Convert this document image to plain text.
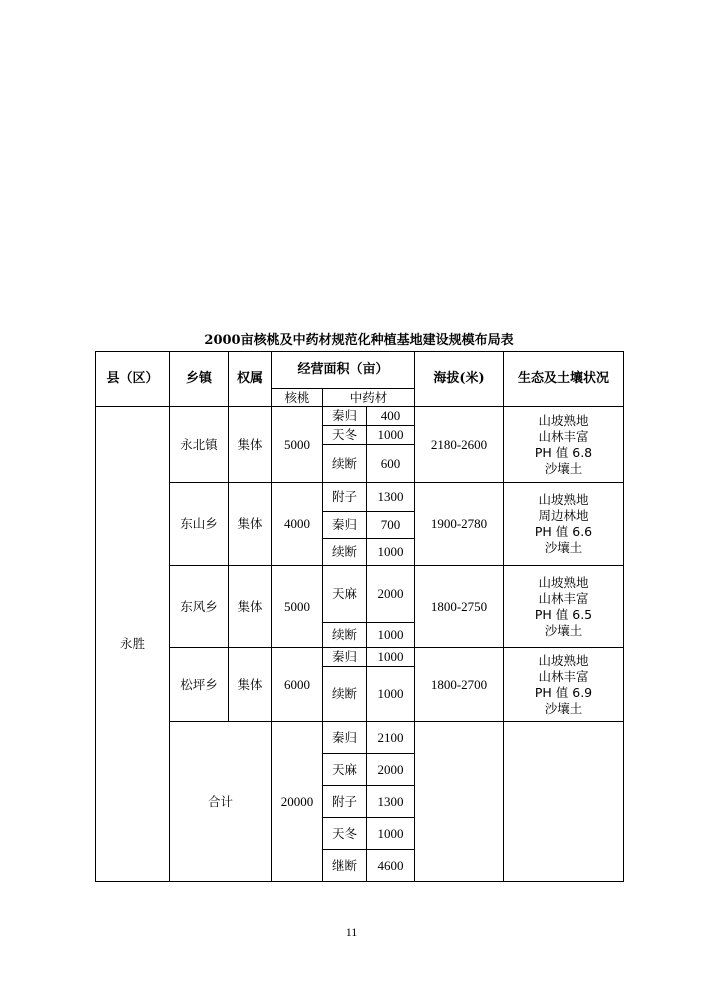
2000亩核桃及中药材规范化种植基地建设规模布局表
县（区）	乡镇	权属	经营面积（亩）			海拔(米)	生态及土壤状况
			核桃	中药材			
永胜	永北镇	集体	5000	秦归	400	2180-2600	山坡熟地
山林丰富
PH 值 6.8
沙壤土

				天冬	1000		
				续断	600		
	东山乡	集体	4000	附子	1300	1900-2780	山坡熟地
周边林地
PH 值 6.6
沙壤土

				秦归	700		
				续断	1000		
	东风乡	集体	5000	天麻	2000	1800-2750	山坡熟地
山林丰富
PH 值 6.5
沙壤土

				续断	1000		
	松坪乡	集体	6000	秦归	1000	1800-2700	山坡熟地
山林丰富
PH 值 6.9
沙壤土

				续断	1000		
	合计		20000	秦归	2100		
				天麻	2000		
				附子	1300		
				天冬	1000		
				继断	4600		
11
